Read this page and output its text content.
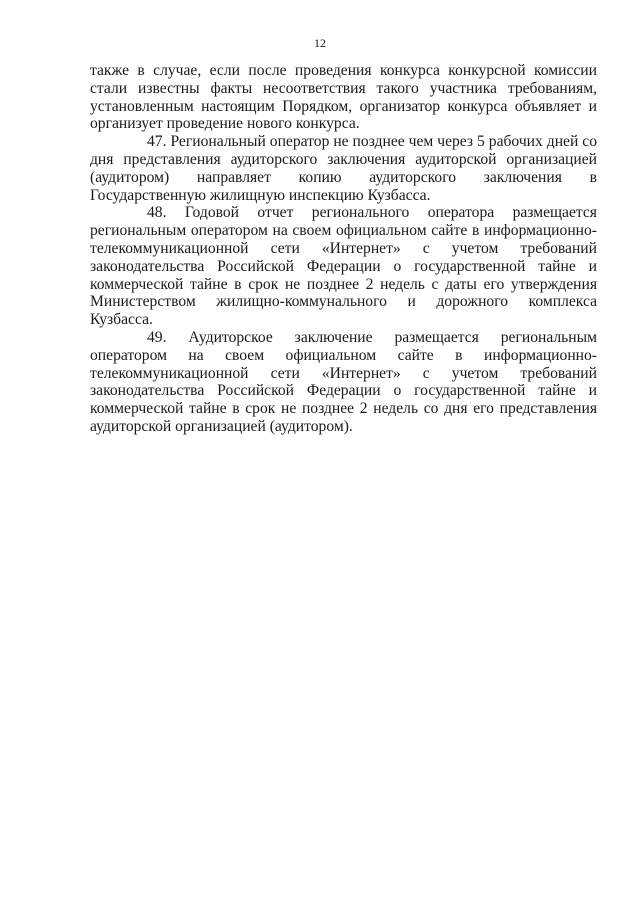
12

также в случае, если после проведения конкурса конкурсной комиссии стали известны факты несоответствия такого участника требованиям, установленным настоящим Порядком, организатор конкурса объявляет и организует проведение нового конкурса.

47. Региональный оператор не позднее чем через 5 рабочих дней со дня представления аудиторского заключения аудиторской организацией (аудитором) направляет копию аудиторского заключения в Государственную жилищную инспекцию Кузбасса.

48. Годовой отчет регионального оператора размещается региональным оператором на своем официальном сайте в информационно-телекоммуникационной сети «Интернет» с учетом требований законодательства Российской Федерации о государственной тайне и коммерческой тайне в срок не позднее 2 недель с даты его утверждения Министерством жилищно-коммунального и дорожного комплекса Кузбасса.

49. Аудиторское заключение размещается региональным оператором на своем официальном сайте в информационно-телекоммуникационной сети «Интернет» с учетом требований законодательства Российской Федерации о государственной тайне и коммерческой тайне в срок не позднее 2 недель со дня его представления аудиторской организацией (аудитором).
